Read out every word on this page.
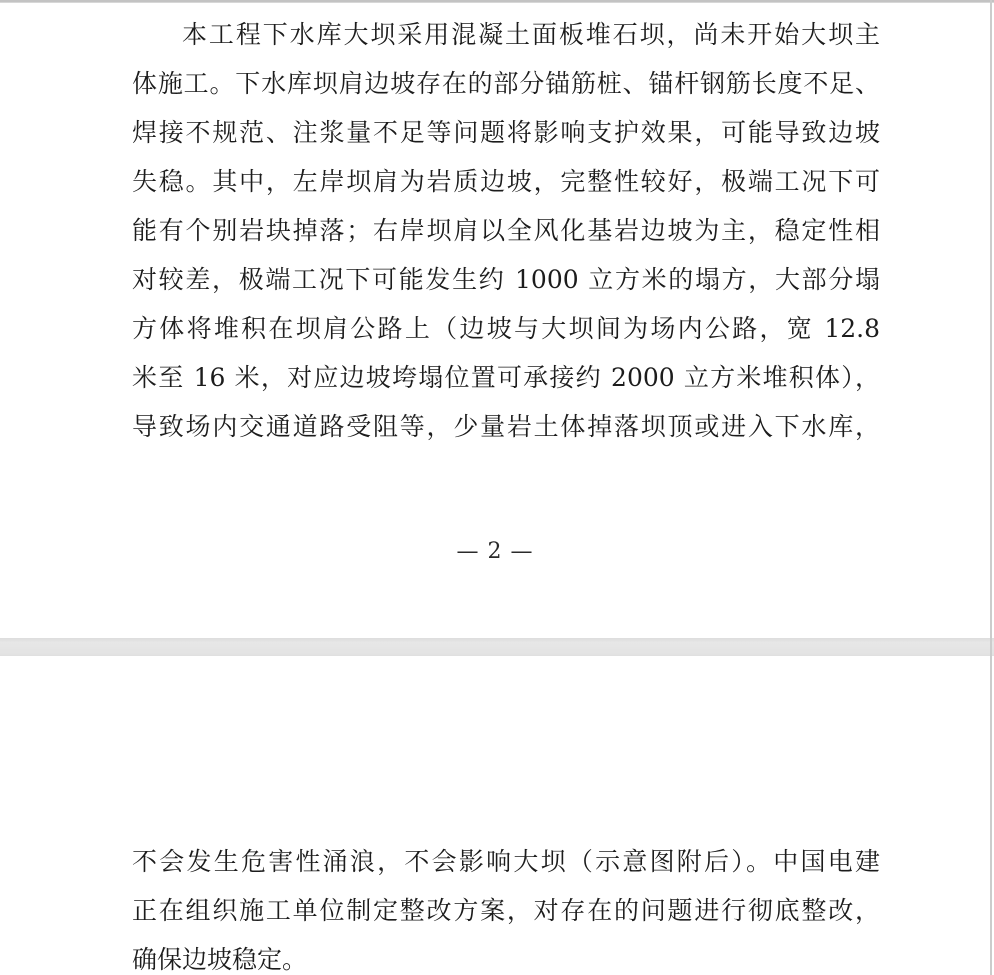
本工程下水库大坝采用混凝土面板堆石坝，尚未开始大坝主
体施工。下水库坝肩边坡存在的部分锚筋桩、锚杆钢筋长度不足、
焊接不规范、注浆量不足等问题将影响支护效果，可能导致边坡
失稳。其中，左岸坝肩为岩质边坡，完整性较好，极端工况下可
能有个别岩块掉落；右岸坝肩以全风化基岩边坡为主，稳定性相
对较差，极端工况下可能发生约 1000 立方米的塌方，大部分塌
方体将堆积在坝肩公路上（边坡与大坝间为场内公路，宽 12.8
米至 16 米，对应边坡垮塌位置可承接约 2000 立方米堆积体），
导致场内交通道路受阻等，少量岩土体掉落坝顶或进入下水库，
— 2 —
不会发生危害性涌浪，不会影响大坝（示意图附后）。中国电建
正在组织施工单位制定整改方案，对存在的问题进行彻底整改，
确保边坡稳定。
